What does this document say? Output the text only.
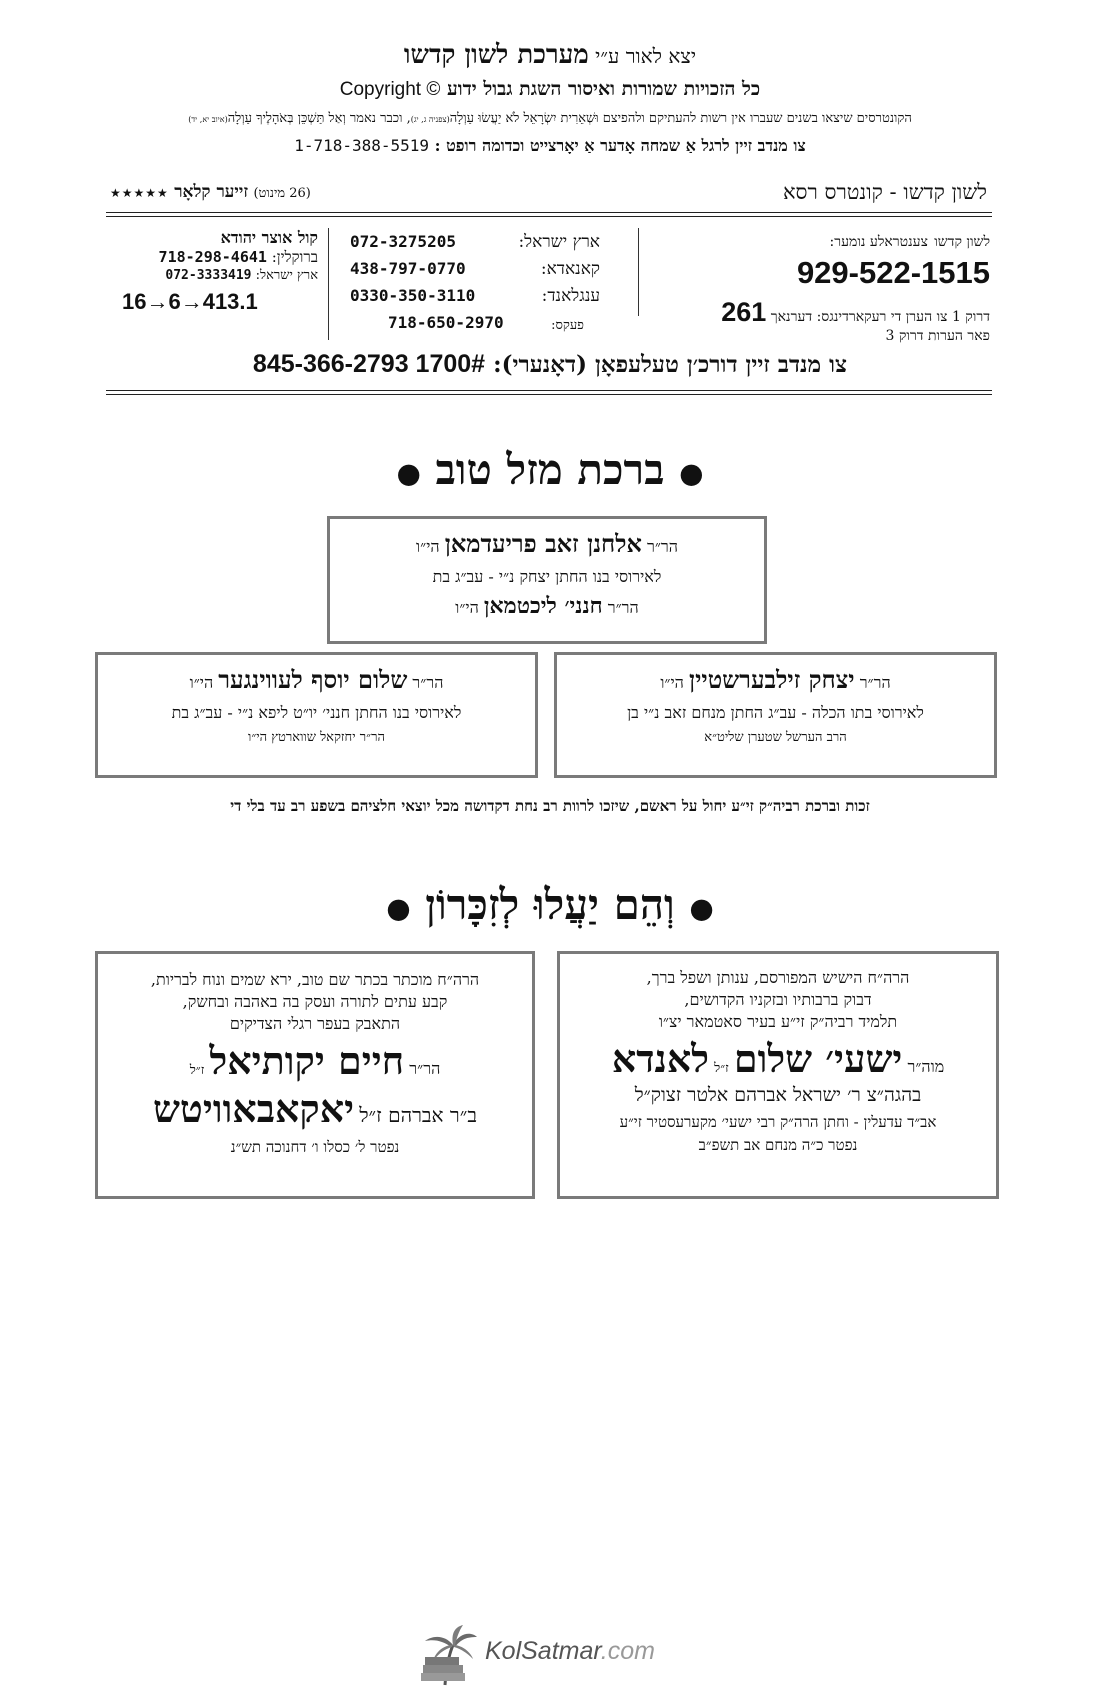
יצא לאור ע״י מערכת לשון קדשו
כל הזכויות שמורות ואיסור השגת גבול ידוע Copyright ©
הקונטרסים שיצאו בשנים שעברו אין רשות להעתיקם ולהפיצם וּשְׁאֵרִית יִשְׂרָאֵל לֹא יַעֲשׂוּ עַוְלָה(צפניה ג, יג), וכבר נאמר וְאַל תַּשְׁכֵּן בְּאֹהָלֶיךָ עַוְלָה(איוב יא, יד)
צו מנדב זיין לרגל אַ שמחה אָדער אַ יאָרצייט וכדומה רופט : 1-718-388-5519
לשון קדשו - קונטרס רסא
(26 מינוט) זייער קלאָר ★★★★★
לשון קדשו צענטראלע נומער:
929-522-1515
דרוק 1 צו הערן די רעקארדינגס: דערנאך 261
פאר הערות דרוק 3
ארץ ישראל:
072-3275205
קאנאדא:
438-797-0770
ענגלאנד:
0330-350-3110
פעקס:
718-650-2970
קול אוצר יהודא
ברוקלין: 718-298-4641
ארץ ישראל: 072-3333419
16→6→413.1
צו מנדב זיין דורכ׳ן טעלעפאָן (דאָנערי): 845-366-2793 1700#
● ברכת מזל טוב ●
הר״ר אלחנן זאב פריעדמאן הי״ו
לאירוסי בנו החתן יצחק נ״י - עב״ג בת
הר״ר חנני׳ ליכטמאן הי״ו
הר״ר יצחק זילבערשטיין הי״ו
לאירוסי בתו הכלה - עב״ג החתן מנחם זאב נ״י בן
הרב הערשל שטערן שליט״א
הר״ר שלום יוסף לעווינגער הי״ו
לאירוסי בנו החתן חנני׳ יו״ט ליפא נ״י - עב״ג בת
הר״ר יחזקאל שווארטץ הי״ו
זכות וברכת רביה״ק זי״ע יחול על ראשם, שיזכו לרוות רב נחת דקדושה מכל יוצאי חלציהם בשפע רב עד בלי די
● וְהֵם יַעֲלוּ לְזִכָּרוֹן ●
הרה״ח הישיש המפורסם, ענותן ושפל ברך,
דבוק ברבותיו ובזקניו הקדושים,
תלמיד רביה״ק זי״ע בעיר סאטמאר יצ״ו
מוה״ר ישעי׳ שלום ז״ל לאנדא
בהגה״צ ר׳ ישראל אברהם אלטר זצוק״ל
אב״ד עדעלין - וחתן הרה״ק רבי ישעי׳ מקערעסטיר זי״ע
נפטר כ״ה מנחם אב תשפ״ב
הרה״ח מוכתר בכתר שם טוב, ירא שמים ונוח לבריות,
קבע עתים לתורה ועסק בה באהבה ובחשק,
התאבק בעפר רגלי הצדיקים
הר״ר חיים יקותיאל ז״ל
ב״ר אברהם ז״ל יאקאבאוויטש
נפטר ל׳ כסלו ו׳ דחנוכה תש״נ
KolSatmar.com
